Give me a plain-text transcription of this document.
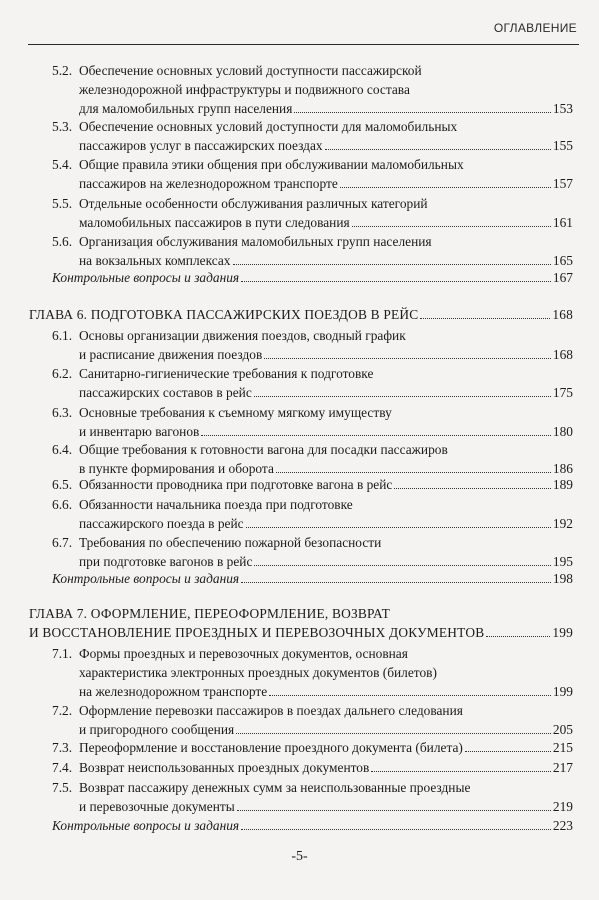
ОГЛАВЛЕНИЕ
5.2. Обеспечение основных условий доступности пассажирской
железнодорожной инфраструктуры и подвижного состава
для маломобильных групп населения	153
5.3. Обеспечение основных условий доступности для маломобильных
пассажиров услуг в пассажирских поездах	155
5.4. Общие правила этики общения при обслуживании маломобильных
пассажиров на железнодорожном транспорте	157
5.5. Отдельные особенности обслуживания различных категорий
маломобильных пассажиров в пути следования	161
5.6. Организация обслуживания маломобильных групп населения
на вокзальных комплексах	165
Контрольные вопросы и задания	167
ГЛАВА 6. ПОДГОТОВКА ПАССАЖИРСКИХ ПОЕЗДОВ В РЕЙС	168
6.1. Основы организации движения поездов, сводный график
и расписание движения поездов	168
6.2. Санитарно-гигиенические требования к подготовке
пассажирских составов в рейс	175
6.3. Основные требования к съемному мягкому имуществу
и инвентарю вагонов	180
6.4. Общие требования к готовности вагона для посадки пассажиров
в пункте формирования и оборота	186
6.5. Обязанности проводника при подготовке вагона в рейс	189
6.6. Обязанности начальника поезда при подготовке
пассажирского поезда в рейс	192
6.7. Требования по обеспечению пожарной безопасности
при подготовке вагонов в рейс	195
Контрольные вопросы и задания	198
ГЛАВА 7. ОФОРМЛЕНИЕ, ПЕРЕОФОРМЛЕНИЕ, ВОЗВРАТ
И ВОССТАНОВЛЕНИЕ ПРОЕЗДНЫХ И ПЕРЕВОЗОЧНЫХ ДОКУМЕНТОВ	199
7.1. Формы проездных и перевозочных документов, основная
характеристика электронных проездных документов (билетов)
на железнодорожном транспорте	199
7.2. Оформление перевозки пассажиров в поездах дальнего следования
и пригородного сообщения	205
7.3. Переоформление и восстановление проездного документа (билета)	215
7.4. Возврат неиспользованных проездных документов	217
7.5. Возврат пассажиру денежных сумм за неиспользованные проездные
и перевозочные документы	219
Контрольные вопросы и задания	223
-5-
